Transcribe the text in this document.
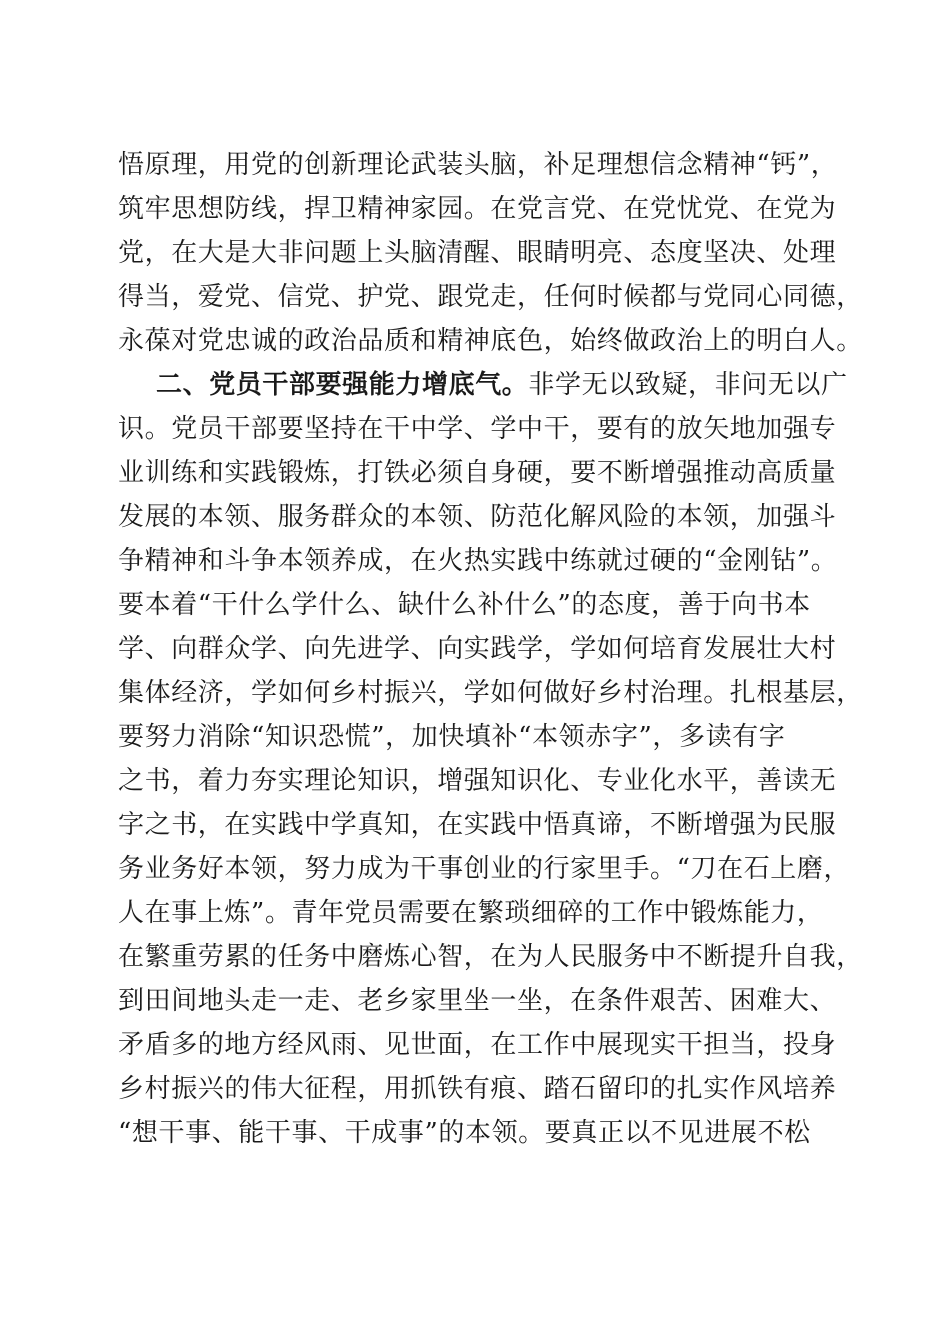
悟原理，用党的创新理论武装头脑，补足理想信念精神“钙”，
筑牢思想防线，捍卫精神家园。在党言党、在党忧党、在党为
党，在大是大非问题上头脑清醒、眼睛明亮、态度坚决、处理
得当，爱党、信党、护党、跟党走，任何时候都与党同心同德，
永葆对党忠诚的政治品质和精神底色，始终做政治上的明白人。
二、党员干部要强能力增底气。非学无以致疑，非问无以广
识。党员干部要坚持在干中学、学中干，要有的放矢地加强专
业训练和实践锻炼，打铁必须自身硬，要不断增强推动高质量
发展的本领、服务群众的本领、防范化解风险的本领，加强斗
争精神和斗争本领养成，在火热实践中练就过硬的“金刚钻”。
要本着“干什么学什么、缺什么补什么”的态度，善于向书本
学、向群众学、向先进学、向实践学，学如何培育发展壮大村
集体经济，学如何乡村振兴，学如何做好乡村治理。扎根基层，
要努力消除“知识恐慌”，加快填补“本领赤字”，多读有字
之书，着力夯实理论知识，增强知识化、专业化水平，善读无
字之书，在实践中学真知，在实践中悟真谛，不断增强为民服
务业务好本领，努力成为干事创业的行家里手。“刀在石上磨，
人在事上炼”。青年党员需要在繁琐细碎的工作中锻炼能力，
在繁重劳累的任务中磨炼心智，在为人民服务中不断提升自我，
到田间地头走一走、老乡家里坐一坐，在条件艰苦、困难大、
矛盾多的地方经风雨、见世面，在工作中展现实干担当，投身
乡村振兴的伟大征程，用抓铁有痕、踏石留印的扎实作风培养
“想干事、能干事、干成事”的本领。要真正以不见进展不松
